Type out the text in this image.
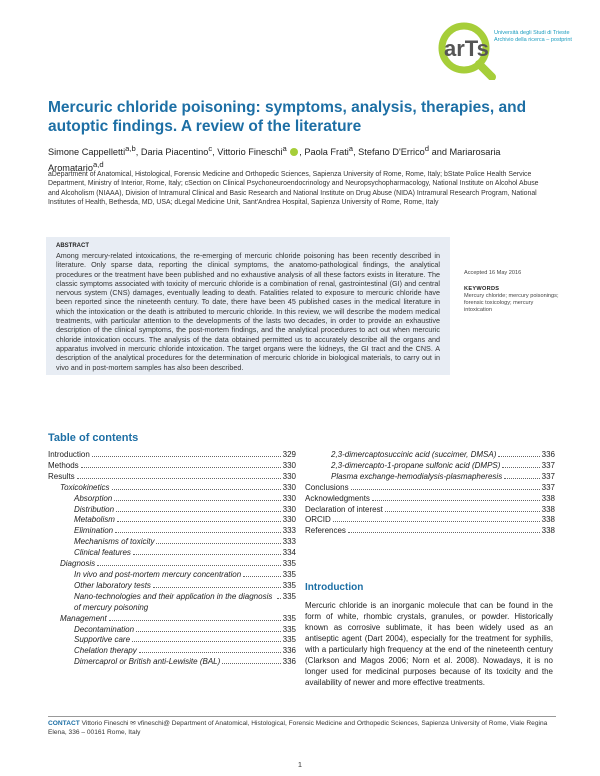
arTs
Università degli Studi di Trieste
Archivio della ricerca – postprint
Mercuric chloride poisoning: symptoms, analysis, therapies, and autoptic findings. A review of the literature
Simone Cappelletti$^{a,b}$, Daria Piacentino$^c$, Vittorio Fineschi$^a$ , Paola Frati$^a$, Stefano D'Errico$^d$ and Mariarosaria Aromatario$^{a,d}$
aDepartment of Anatomical, Histological, Forensic Medicine and Orthopedic Sciences, Sapienza University of Rome, Rome, Italy; bState Police Health Service Department, Ministry of Interior, Rome, Italy; cSection on Clinical Psychoneuroendocrinology and Neuropsychopharmacology, National Institute on Alcohol Abuse and Alcoholism (NIAAA), Division of Intramural Clinical and Basic Research and National Institute on Drug Abuse (NIDA) Intramural Research Program, National Institutes of Health, Bethesda, MD, USA; dLegal Medicine Unit, Sant'Andrea Hospital, Sapienza University of Rome, Rome, Italy
ABSTRACT

Among mercury-related intoxications, the re-emerging of mercuric chloride poisoning has been recently described in literature. Only sparse data, reporting the clinical symptoms, the anatomo-pathological findings, the analytical procedures or the treatment have been published and no exhaustive analysis of all these factors exists in literature. The classic symptoms associated with toxicity of mercuric chloride is a combination of renal, gastrointestinal (GI) and central nervous system (CNS) damages, eventually leading to death. Fatalities related to exposure to mercuric chloride have been reported since the nineteenth century. To date, there have been 45 published cases in the medical literature in which the intoxication or the death is attributed to mercuric chloride. In this review, we will describe the modern medical treatments, with particular attention to the developments of the lasts two decades, in order to provide an exhaustive description of the clinical symptoms, the post-mortem findings, and the analytical procedures to act out when mercuric chloride intoxication occurs. The analysis of the data obtained permitted us to accurately describe all the organs and apparatus involved in mercuric chloride intoxication. The target organs were the kidneys, the GI tract and the CNS. A description of the analytical procedures for the determination of mercuric chloride in biological materials, to carry out in vivo and in post-mortem samples has also been described.

Accepted 16 May 2016
KEYWORDS
Mercury chloride; mercury poisonings; forensic toxicology; mercury intoxication
Table of contents
Introduction	329
Methods	330
Results	330
Toxicokinetics	330
Absorption	330
Distribution	330
Metabolism	330
Elimination	333
Mechanisms of toxicity	333
Clinical features	334
Diagnosis	335
In vivo and post-mortem mercury concentration	335
Other laboratory tests	335
Nano-technologies and their application in the diagnosis of mercury poisoning
335
Management	335
Decontamination	335
Supportive care	335
Chelation therapy	336
Dimercaprol or British anti-Lewisite (BAL)	336
2,3-dimercaptosuccinic acid (succimer, DMSA)	336
2,3-dimercapto-1-propane sulfonic acid (DMPS)	337
Plasma exchange-hemodialysis-plasmapheresis	337
Conclusions	337
Acknowledgments	338
Declaration of interest	338
ORCID	338
References	338
Introduction

Mercuric chloride is an inorganic molecule that can be found in the form of white, rhombic crystals, granules, or powder. Historically known as corrosive sublimate, it has been widely used as an antiseptic agent (Dart 2004), especially for the treatment for syphilis, with a particularly high frequency at the end of the nineteenth century (Clarkson and Magos 2006; Norn et al. 2008). Nowadays, it is no longer used for medicinal purposes because of its toxicity and the availability of newer and more effective treatments.

CONTACT Vittorio Fineschi ✉ vfineschi@ Department of Anatomical, Histological, Forensic Medicine and Orthopedic Sciences, Sapienza University of Rome, Viale Regina Elena, 336 – 00161 Rome, Italy
1
